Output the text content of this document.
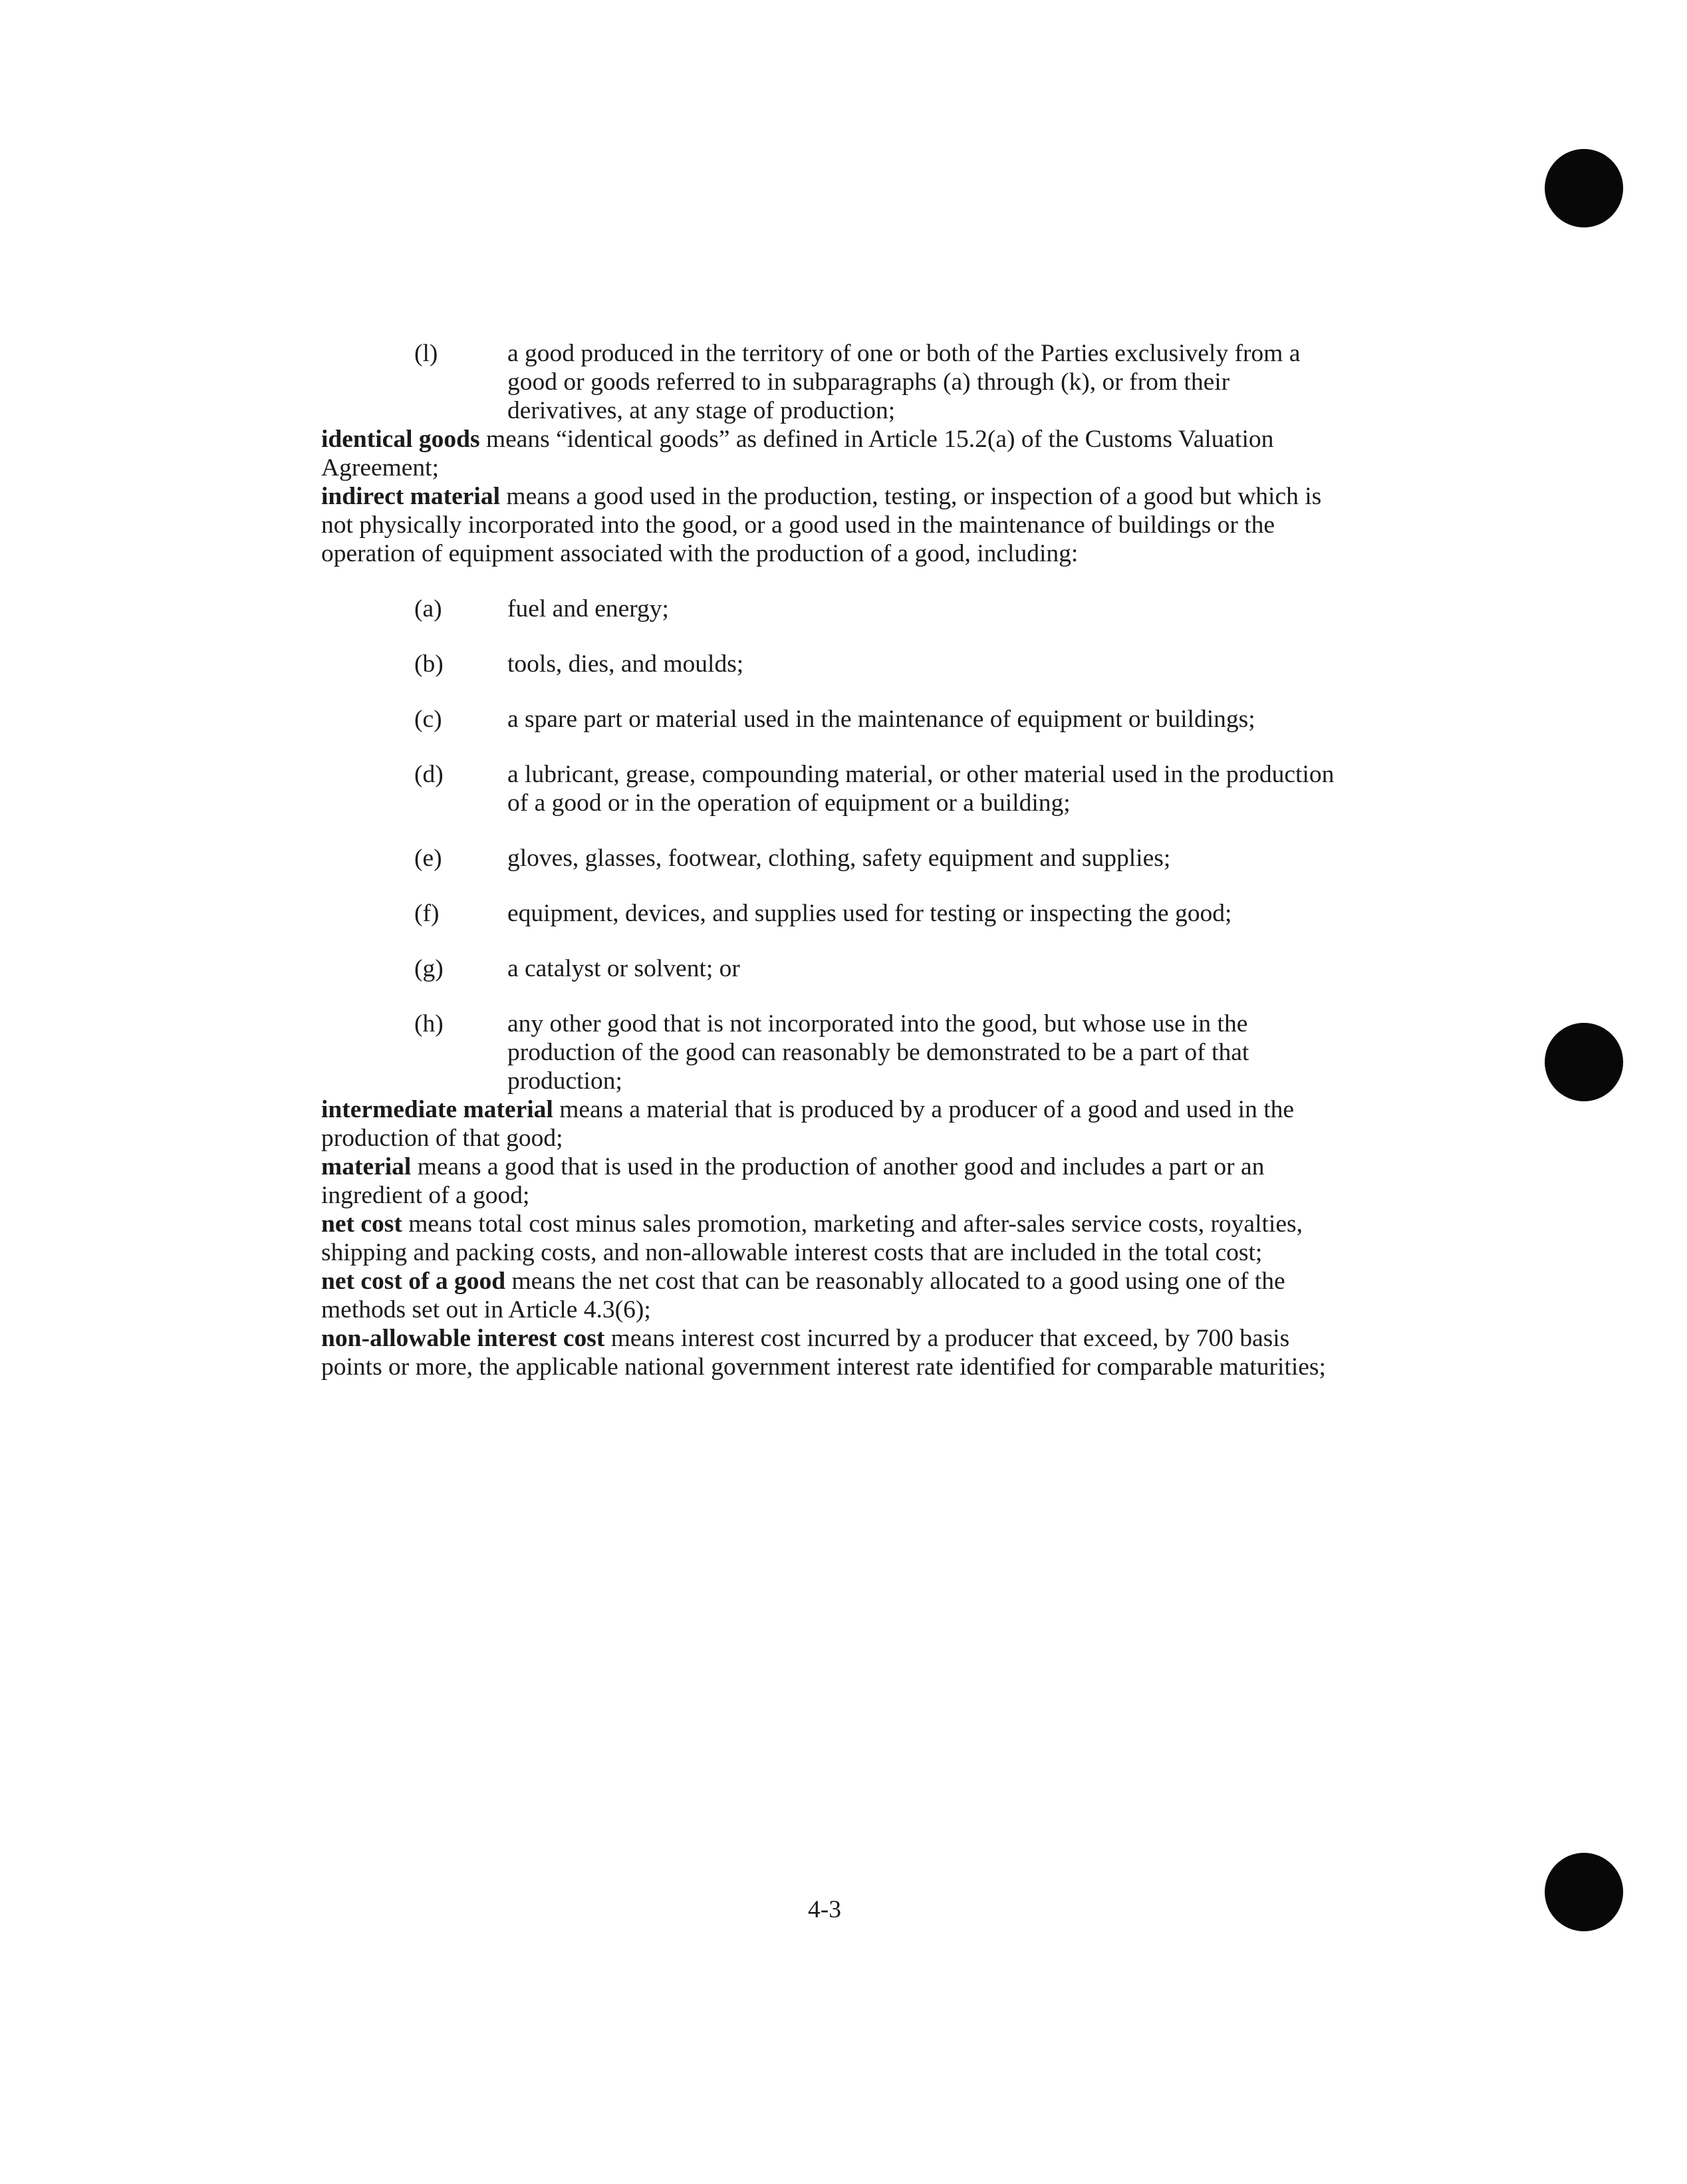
(l)	a good produced in the territory of one or both of the Parties exclusively from a good or goods referred to in subparagraphs (a) through (k), or from their derivatives, at any stage of production;

identical goods means “identical goods” as defined in Article 15.2(a) of the Customs Valuation Agreement;

indirect material means a good used in the production, testing, or inspection of a good but which is not physically incorporated into the good, or a good used in the maintenance of buildings or the operation of equipment associated with the production of a good, including:

(a)	fuel and energy;
(b)	tools, dies, and moulds;
(c)	a spare part or material used in the maintenance of equipment or buildings;
(d)	a lubricant, grease, compounding material, or other material used in the production of a good or in the operation of equipment or a building;
(e)	gloves, glasses, footwear, clothing, safety equipment and supplies;
(f)	equipment, devices, and supplies used for testing or inspecting the good;
(g)	a catalyst or solvent; or
(h)	any other good that is not incorporated into the good, but whose use in the production of the good can reasonably be demonstrated to be a part of that production;

intermediate material means a material that is produced by a producer of a good and used in the production of that good;

material means a good that is used in the production of another good and includes a part or an ingredient of a good;

net cost means total cost minus sales promotion, marketing and after-sales service costs, royalties, shipping and packing costs, and non-allowable interest costs that are included in the total cost;

net cost of a good means the net cost that can be reasonably allocated to a good using one of the methods set out in Article 4.3(6);

non-allowable interest cost means interest cost incurred by a producer that exceed, by 700 basis points or more, the applicable national government interest rate identified for comparable maturities;

4-3
